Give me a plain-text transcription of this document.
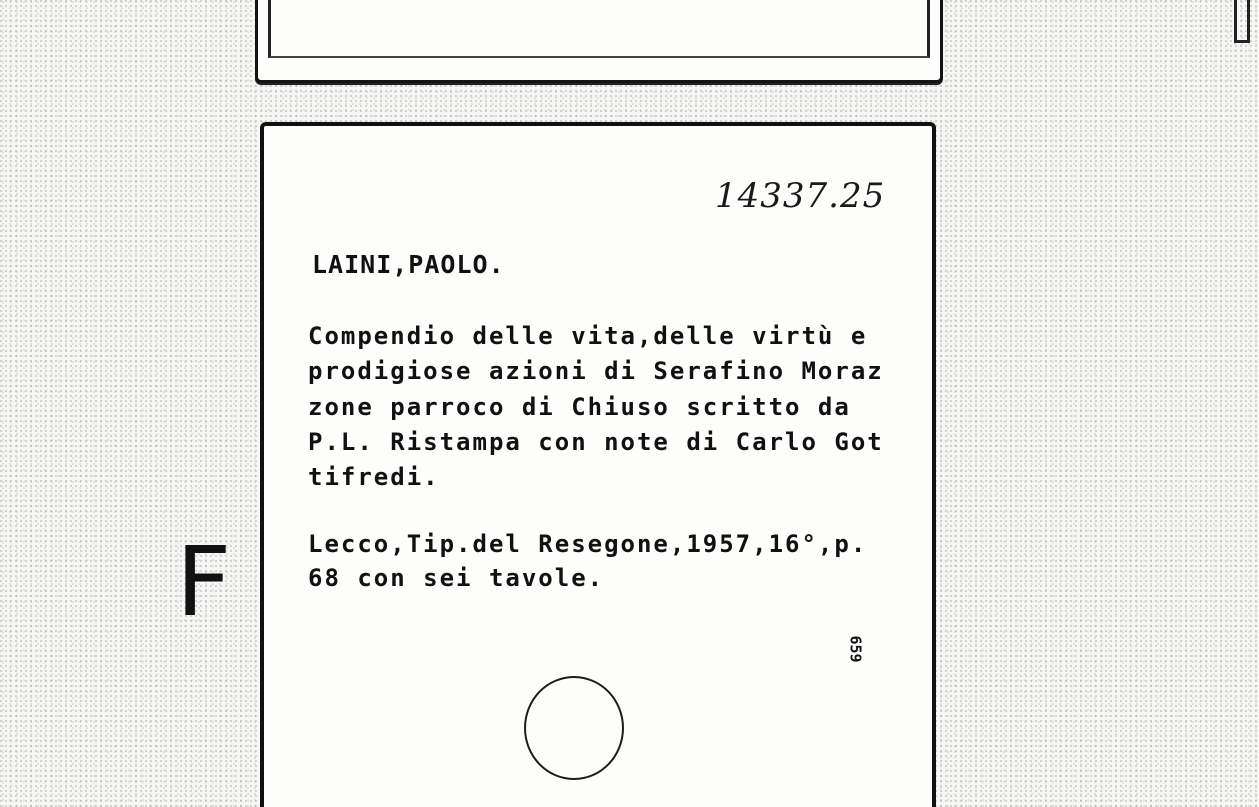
F
14337.25
LAINI,PAOLO.
Compendio delle vita,delle virtù e
prodigiose azioni di Serafino Moraz
zone parroco di Chiuso scritto da
P.L. Ristampa con note di Carlo Got
tifredi.
Lecco,Tip.del Resegone,1957,16°,p.
68 con sei tavole.
659
